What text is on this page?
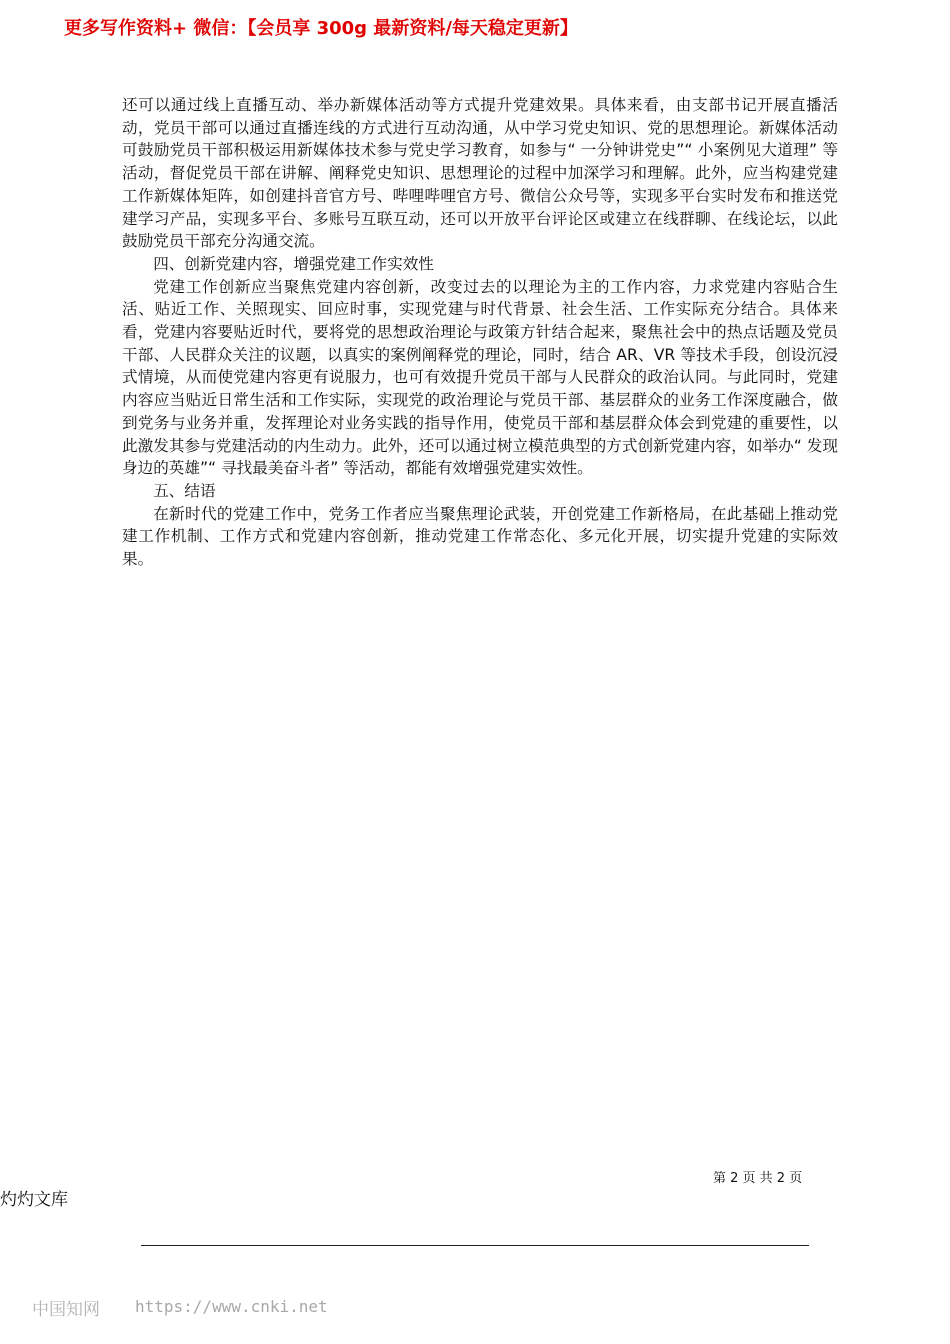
更多写作资料+ 微信：【会员享 300g 最新资料/每天稳定更新】

还可以通过线上直播互动、举办新媒体活动等方式提升党建效果。具体来看，由支部书记开展直播活动，党员干部可以通过直播连线的方式进行互动沟通，从中学习党史知识、党的思想理论。新媒体活动可鼓励党员干部积极运用新媒体技术参与党史学习教育，如参与“ 一分钟讲党史”“ 小案例见大道理” 等活动，督促党员干部在讲解、阐释党史知识、思想理论的过程中加深学习和理解。此外，应当构建党建工作新媒体矩阵，如创建抖音官方号、哔哩哔哩官方号、微信公众号等，实现多平台实时发布和推送党建学习产品，实现多平台、多账号互联互动，还可以开放平台评论区或建立在线群聊、在线论坛，以此鼓励党员干部充分沟通交流。

四、创新党建内容，增强党建工作实效性

党建工作创新应当聚焦党建内容创新，改变过去的以理论为主的工作内容，力求党建内容贴合生活、贴近工作、关照现实、回应时事，实现党建与时代背景、社会生活、工作实际充分结合。具体来看，党建内容要贴近时代，要将党的思想政治理论与政策方针结合起来，聚焦社会中的热点话题及党员干部、人民群众关注的议题，以真实的案例阐释党的理论，同时，结合 AR、VR 等技术手段，创设沉浸式情境，从而使党建内容更有说服力，也可有效提升党员干部与人民群众的政治认同。与此同时，党建内容应当贴近日常生活和工作实际，实现党的政治理论与党员干部、基层群众的业务工作深度融合，做到党务与业务并重，发挥理论对业务实践的指导作用，使党员干部和基层群众体会到党建的重要性，以此激发其参与党建活动的内生动力。此外，还可以通过树立模范典型的方式创新党建内容，如举办“ 发现身边的英雄”“ 寻找最美奋斗者” 等活动，都能有效增强党建实效性。

五、结语

在新时代的党建工作中，党务工作者应当聚焦理论武装，开创党建工作新格局，在此基础上推动党建工作机制、工作方式和党建内容创新，推动党建工作常态化、多元化开展，切实提升党建的实际效果。

第 2 页 共 2 页
灼灼文库
中国知网 https://www.cnki.net
